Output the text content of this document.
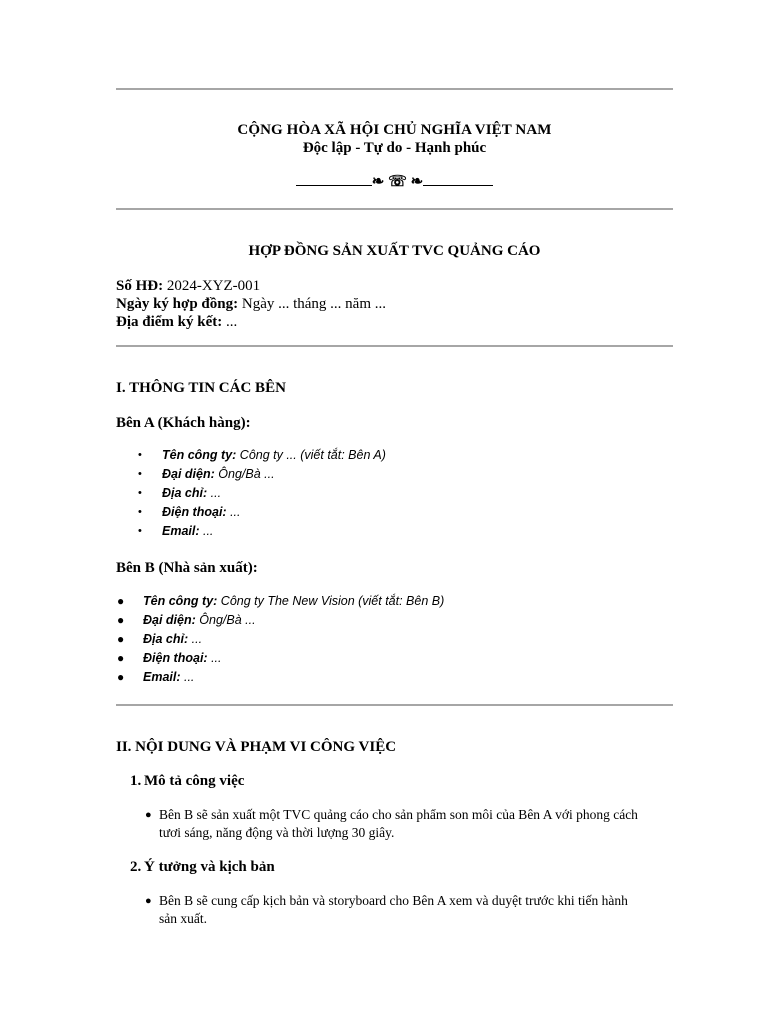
CỘNG HÒA XÃ HỘI CHỦ NGHĨA VIỆT NAM
Độc lập - Tự do - Hạnh phúc
❧ ☏ ❧
HỢP ĐỒNG SẢN XUẤT TVC QUẢNG CÁO
Số HĐ: 2024-XYZ-001
Ngày ký hợp đồng: Ngày ... tháng ... năm ...
Địa điểm ký kết: ...
I. THÔNG TIN CÁC BÊN
Bên A (Khách hàng):
• Tên công ty: Công ty ... (viết tắt: Bên A)
• Đại diện: Ông/Bà ...
• Địa chỉ: ...
• Điện thoại: ...
• Email: ...
Bên B (Nhà sản xuất):
● Tên công ty: Công ty The New Vision (viết tắt: Bên B)
● Đại diện: Ông/Bà ...
● Địa chỉ: ...
● Điện thoại: ...
● Email: ...
II. NỘI DUNG VÀ PHẠM VI CÔNG VIỆC
1. Mô tả công việc
● Bên B sẽ sản xuất một TVC quảng cáo cho sản phẩm son môi của Bên A với phong cách tươi sáng, năng động và thời lượng 30 giây.
2. Ý tưởng và kịch bản
● Bên B sẽ cung cấp kịch bản và storyboard cho Bên A xem và duyệt trước khi tiến hành sản xuất.
